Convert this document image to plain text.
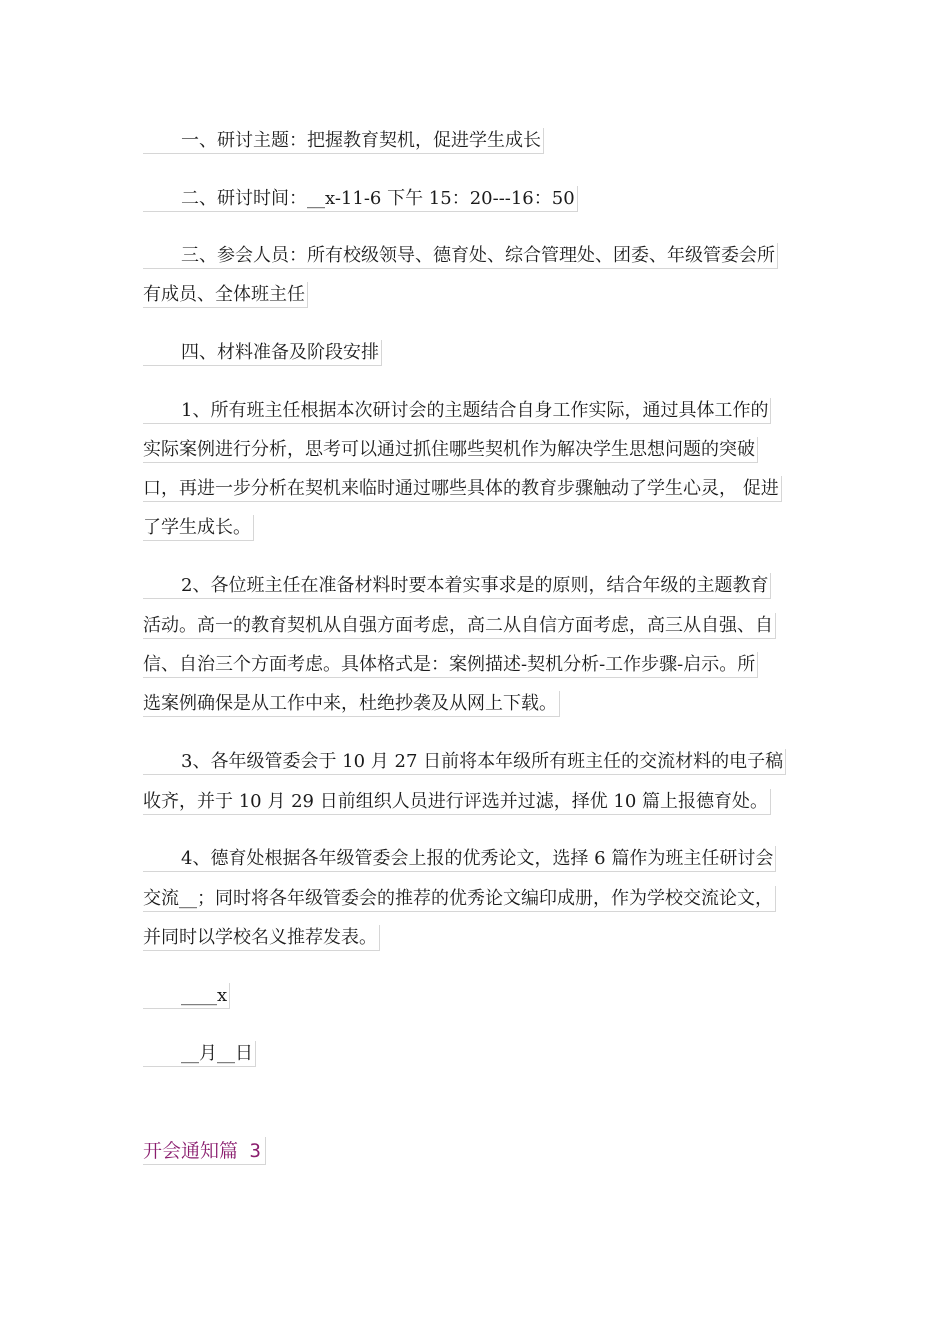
一、研讨主题：把握教育契机，促进学生成长
二、研讨时间：__x-11-6 下午 15：20---16：50
三、参会人员：所有校级领导、德育处、综合管理处、团委、年级管委会所
有成员、全体班主任
四、材料准备及阶段安排
1、所有班主任根据本次研讨会的主题结合自身工作实际，通过具体工作的
实际案例进行分析，思考可以通过抓住哪些契机作为解决学生思想问题的突破
口，再进一步分析在契机来临时通过哪些具体的教育步骤触动了学生心灵， 促进
了学生成长。
2、各位班主任在准备材料时要本着实事求是的原则，结合年级的主题教育
活动。高一的教育契机从自强方面考虑，高二从自信方面考虑，高三从自强、自
信、自治三个方面考虑。具体格式是：案例描述-契机分析-工作步骤-启示。所
选案例确保是从工作中来，杜绝抄袭及从网上下载。
3、各年级管委会于 10 月 27 日前将本年级所有班主任的交流材料的电子稿
收齐，并于 10 月 29 日前组织人员进行评选并过滤，择优 10 篇上报德育处。
4、德育处根据各年级管委会上报的优秀论文，选择 6 篇作为班主任研讨会
交流__；同时将各年级管委会的推荐的优秀论文编印成册，作为学校交流论文，
并同时以学校名义推荐发表。
____x
__月__日
开会通知篇 3
